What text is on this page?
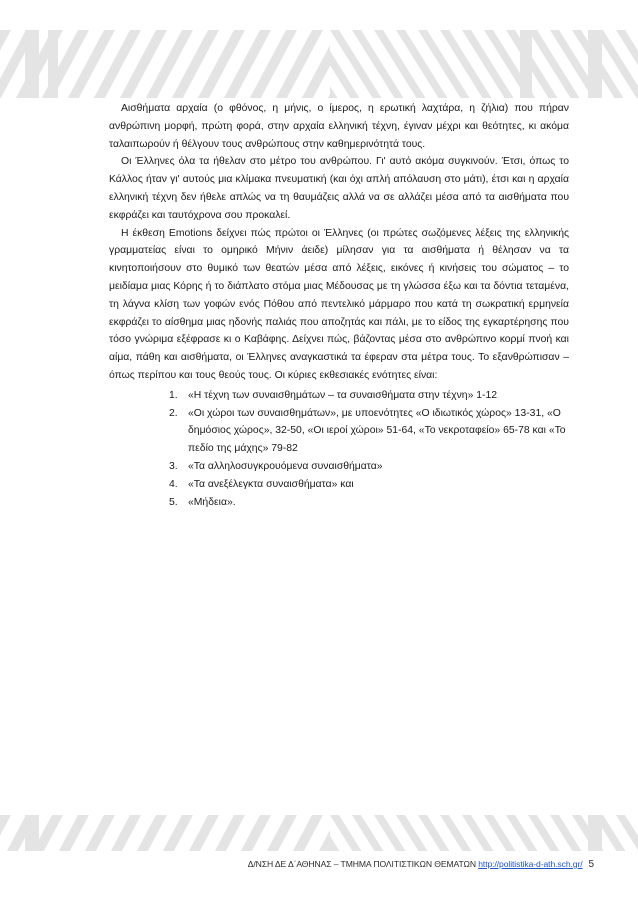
Αισθήματα αρχαία (ο φθόνος, η μήνις, ο ίμερος, η ερωτική λαχτάρα, η ζήλια) που πήραν ανθρώπινη μορφή, πρώτη φορά, στην αρχαία ελληνική τέχνη, έγιναν μέχρι και θεότητες, κι ακόμα ταλαιπωρούν ή θέλγουν τους ανθρώπους στην καθημερινότητά τους.

Οι Έλληνες όλα τα ήθελαν στο μέτρο του ανθρώπου. Γι' αυτό ακόμα συγκινούν. Έτσι, όπως το Κάλλος ήταν γι' αυτούς μια κλίμακα πνευματική (και όχι απλή απόλαυση στο μάτι), έτσι και η αρχαία ελληνική τέχνη δεν ήθελε απλώς να τη θαυμάζεις αλλά να σε αλλάζει μέσα από τα αισθήματα που εκφράζει και ταυτόχρονα σου προκαλεί.

Η έκθεση Emotions δείχνει πώς πρώτοι οι Έλληνες (οι πρώτες σωζόμενες λέξεις της ελληνικής γραμματείας είναι το ομηρικό Μήνιν άειδε) μίλησαν για τα αισθήματα ή θέλησαν να τα κινητοποιήσουν στο θυμικό των θεατών μέσα από λέξεις, εικόνες ή κινήσεις του σώματος – το μειδίαμα μιας Κόρης ή το διάπλατο στόμα μιας Μέδουσας με τη γλώσσα έξω και τα δόντια τεταμένα, τη λάγνα κλίση των γοφών ενός Πόθου από πεντελικό μάρμαρο που κατά τη σωκρατική ερμηνεία εκφράζει το αίσθημα μιας ηδονής παλιάς που αποζητάς και πάλι, με το είδος της εγκαρτέρησης που τόσο γνώριμα εξέφρασε κι ο Καβάφης. Δείχνει πώς, βάζοντας μέσα στο ανθρώπινο κορμί πνοή και αίμα, πάθη και αισθήματα, οι Έλληνες αναγκαστικά τα έφεραν στα μέτρα τους. Το εξανθρώπισαν – όπως περίπου και τους θεούς τους. Οι κύριες εκθεσιακές ενότητες είναι:

«Η τέχνη των συναισθημάτων – τα συναισθήματα στην τέχνη» 1-12
«Οι χώροι των συναισθημάτων», με υποενότητες «Ο ιδιωτικός χώρος» 13-31, «Ο δημόσιος χώρος», 32-50, «Οι ιεροί χώροι» 51-64, «Το νεκροταφείο» 65-78 και «Το πεδίο της μάχης» 79-82
«Τα αλληλοσυγκρουόμενα συναισθήματα»
«Τα ανεξέλεγκτα συναισθήματα» και
«Μήδεια».
Δ/ΝΣΗ ΔΕ Δ΄ΑΘΗΝΑΣ – ΤΜΗΜΑ ΠΟΛΙΤΙΣΤΙΚΩΝ ΘΕΜΑΤΩΝ http://politistika-d-ath.sch.gr/ 5
